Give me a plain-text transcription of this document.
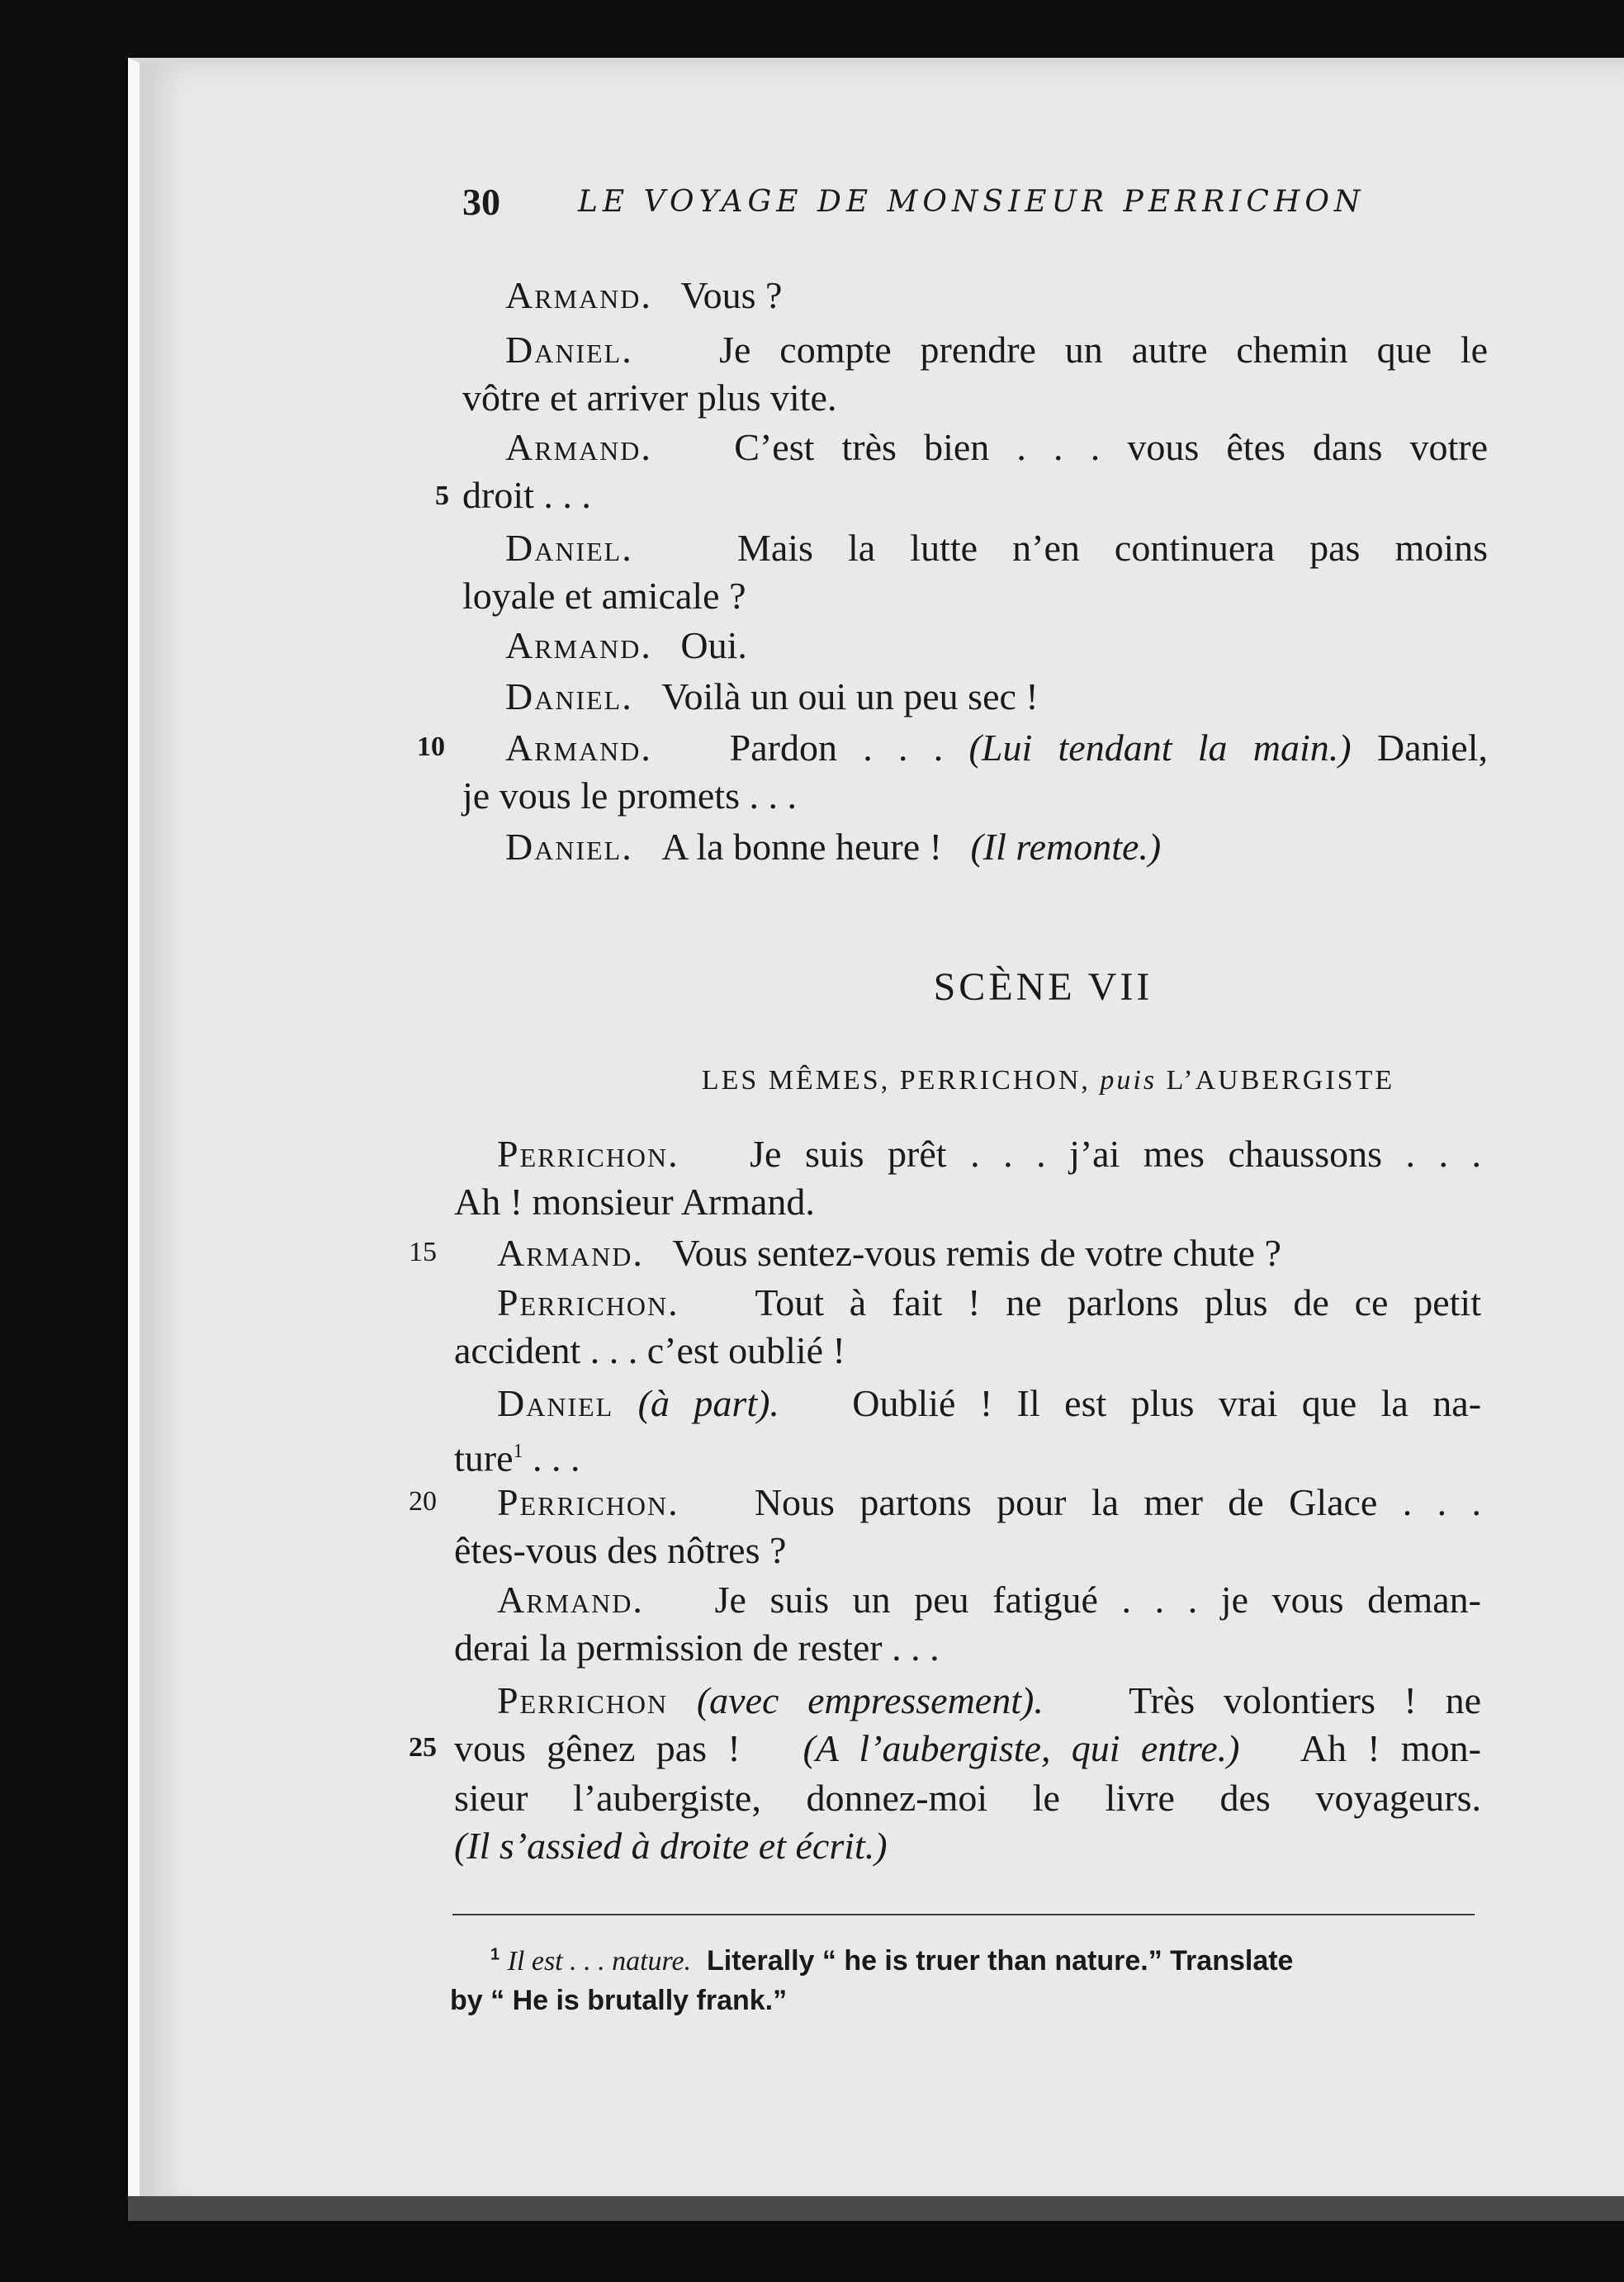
30	LE VOYAGE DE MONSIEUR PERRICHON
Armand. Vous ?
Daniel. Je compte prendre un autre chemin que le
vôtre et arriver plus vite.
Armand. C’est très bien . . . vous êtes dans votre
5 droit . . .
Daniel.	Mais la lutte n’en continuera pas moins
loyale et amicale ?
Armand. Oui.
Daniel. Voilà un oui un peu sec !
10 Armand. Pardon . . . (Lui tendant la main.) Daniel,
je vous le promets . . .
Daniel. A la bonne heure ! (Il remonte.)
SCÈNE VII
LES MÊMES, PERRICHON, puis L’AUBERGISTE
Perrichon. Je suis prêt . . . j’ai mes chaussons . . .
Ah ! monsieur Armand.
15 Armand. Vous sentez-vous remis de votre chute ?
Perrichon. Tout à fait ! ne parlons plus de ce petit
accident . . . c’est oublié !
Daniel (à part). Oublié ! Il est plus vrai que la na-
ture$^1$ . . .
20 Perrichon. Nous partons pour la mer de Glace . . .
êtes-vous des nôtres ?
Armand. Je suis un peu fatigué . . . je vous deman-
derai la permission de rester . . .
Perrichon (avec empressement). Très volontiers ! ne
25 vous gênez pas ! (A l’aubergiste, qui entre.) Ah ! mon-
sieur l’aubergiste, donnez-moi le livre des voyageurs.
(Il s’assied à droite et écrit.)
$^1$ Il est . . . nature. Literally “ he is truer than nature.” Translate
by “ He is brutally frank.”
